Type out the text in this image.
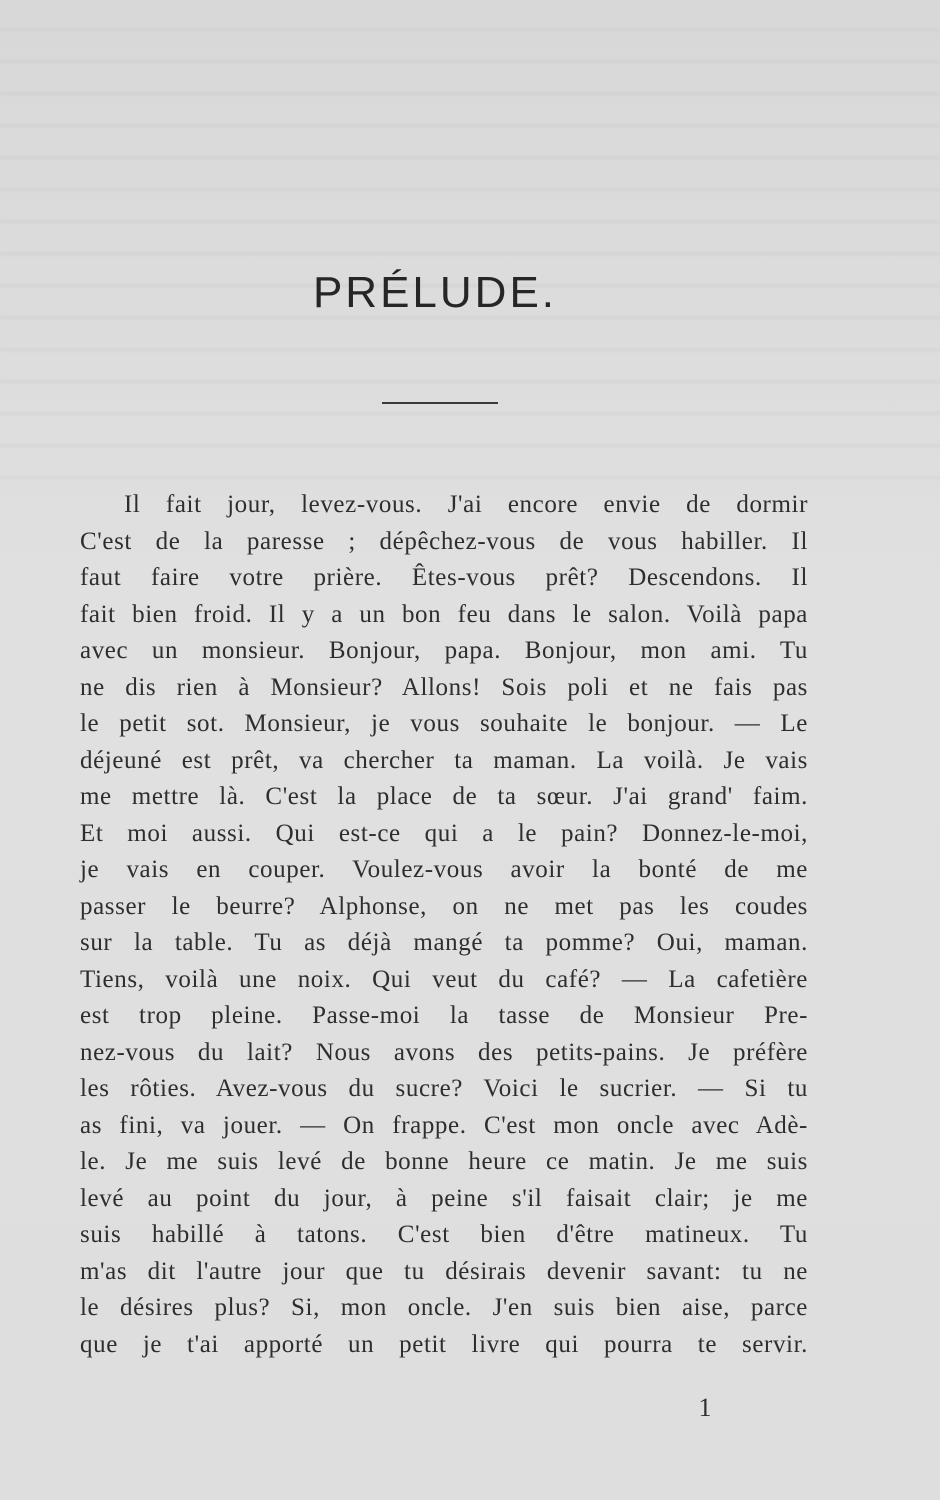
PRÉLUDE.
Il fait jour, levez-vous. J'ai encore envie de dormir
C'est de la paresse ; dépêchez-vous de vous habiller. Il
faut faire votre prière. Êtes-vous prêt? Descendons. Il
fait bien froid. Il y a un bon feu dans le salon. Voilà papa
avec un monsieur. Bonjour, papa. Bonjour, mon ami. Tu
ne dis rien à Monsieur? Allons! Sois poli et ne fais pas
le petit sot. Monsieur, je vous souhaite le bonjour. — Le
déjeuné est prêt, va chercher ta maman. La voilà. Je vais
me mettre là. C'est la place de ta sœur. J'ai grand' faim.
Et moi aussi. Qui est-ce qui a le pain? Donnez-le-moi,
je vais en couper. Voulez-vous avoir la bonté de me
passer le beurre? Alphonse, on ne met pas les coudes
sur la table. Tu as déjà mangé ta pomme? Oui, maman.
Tiens, voilà une noix. Qui veut du café? — La cafetière
est trop pleine. Passe-moi la tasse de Monsieur Pre-
nez-vous du lait? Nous avons des petits-pains. Je préfère
les rôties. Avez-vous du sucre? Voici le sucrier. — Si tu
as fini, va jouer. — On frappe. C'est mon oncle avec Adè-
le. Je me suis levé de bonne heure ce matin. Je me suis
levé au point du jour, à peine s'il faisait clair; je me
suis habillé à tatons. C'est bien d'être matineux. Tu
m'as dit l'autre jour que tu désirais devenir savant: tu ne
le désires plus? Si, mon oncle. J'en suis bien aise, parce
que je t'ai apporté un petit livre qui pourra te servir.
1
